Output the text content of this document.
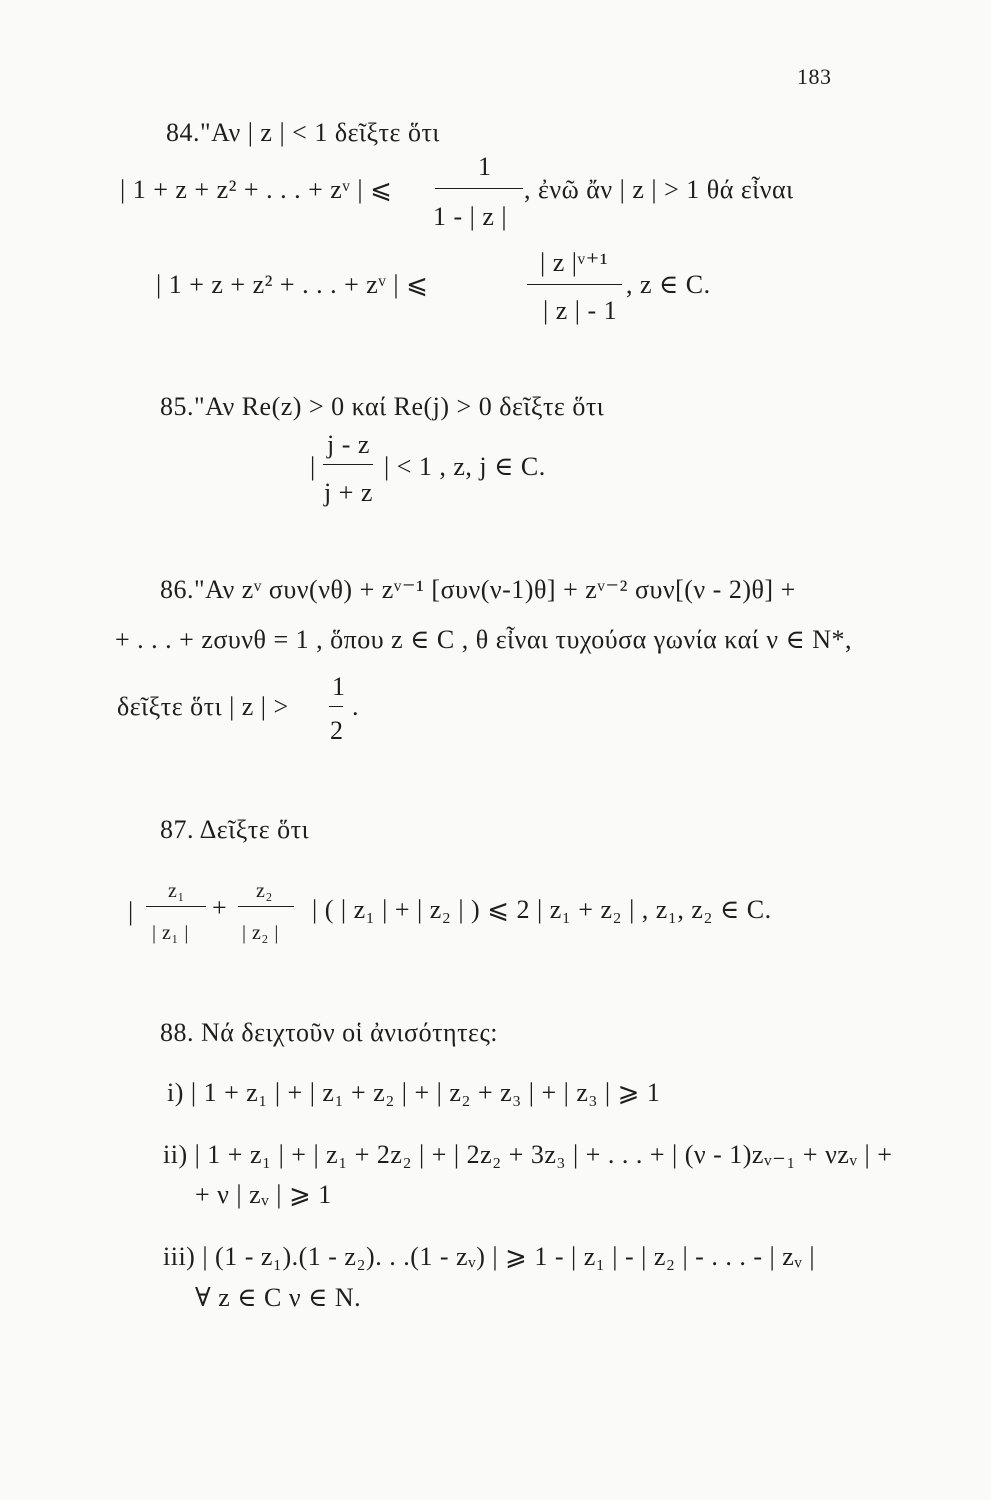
183
84."Αν | z | < 1 δεῖξτε ὅτι
| 1 + z + z² + . . . + zᵛ | ⩽
1
1 - | z |
, ἐνῶ ἄν | z | > 1 θά εἶναι
| 1 + z + z² + . . . + zᵛ | ⩽
| z |ᵛ⁺¹
| z | - 1
, z ∈ C.
85."Αν Re(z) > 0 καί Re(j) > 0 δεῖξτε ὅτι
|
j - z
j + z
| < 1 , z, j ∈ C.
86."Αν zᵛ συν(νθ) + zᵛ⁻¹ [συν(ν-1)θ] + zᵛ⁻² συν[(ν - 2)θ] +
+ . . . + zσυνθ = 1 , ὅπου z ∈ C , θ εἶναι τυχούσα γωνία καί ν ∈ N*,
δεῖξτε ὅτι | z | >
1
2
.
87. Δεῖξτε ὅτι
|
z₁
| z₁ |
+
z₂
| z₂ |
| ( | z₁ | + | z₂ | ) ⩽ 2 | z₁ + z₂ | , z₁, z₂ ∈ C.
88. Νά δειχτοῦν οἱ ἀνισότητες:
i) | 1 + z₁ | + | z₁ + z₂ | + | z₂ + z₃ | + | z₃ | ⩾ 1
ii) | 1 + z₁ | + | z₁ + 2z₂ | + | 2z₂ + 3z₃ | + . . . + | (ν - 1)zᵥ₋₁ + νzᵥ | +
+ ν | zᵥ | ⩾ 1
iii) | (1 - z₁).(1 - z₂). . .(1 - zᵥ) | ⩾ 1 - | z₁ | - | z₂ | - . . . - | zᵥ |
∀ z ∈ C ν ∈ N.
